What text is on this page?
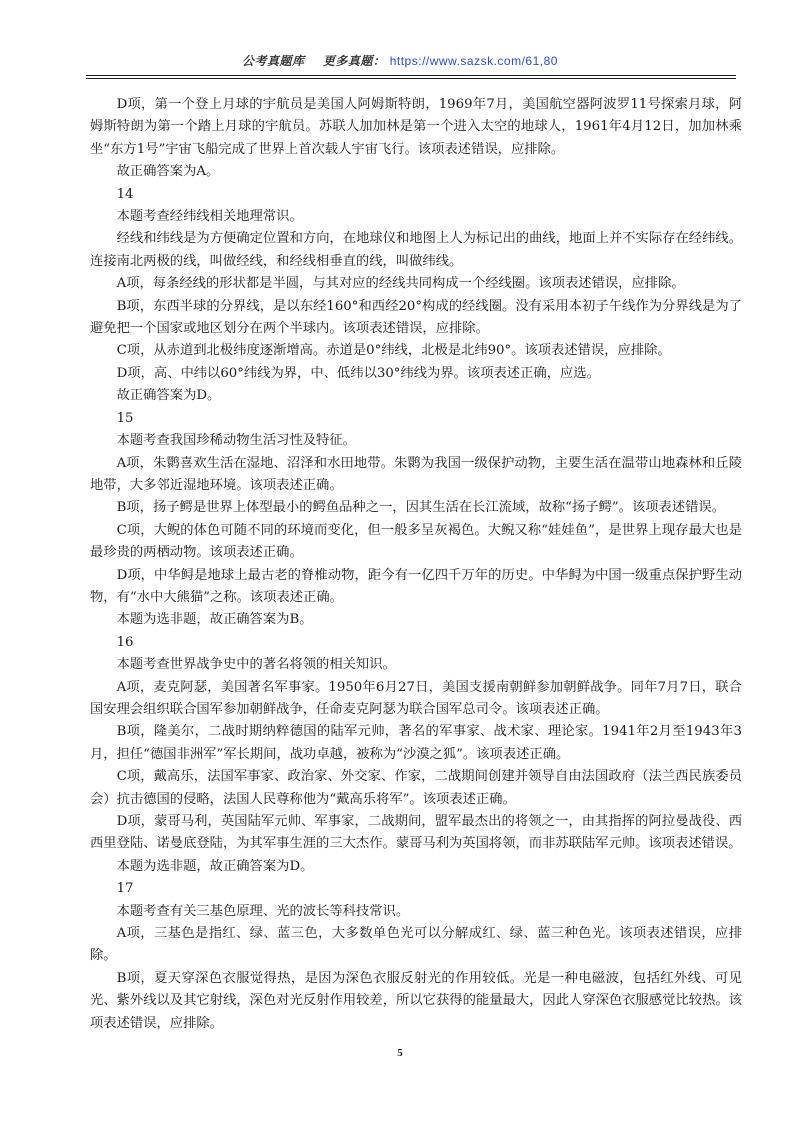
公考真题库 更多真题： https://www.sazsk.com/61,80

D项，第一个登上月球的宇航员是美国人阿姆斯特朗，1969年7月，美国航空器阿波罗11号探索月球，阿姆斯特朗为第一个踏上月球的宇航员。苏联人加加林是第一个进入太空的地球人，1961年4月12日，加加林乘坐“东方1号”宇宙飞船完成了世界上首次载人宇宙飞行。该项表述错误，应排除。

故正确答案为A。

14

本题考查经纬线相关地理常识。

经线和纬线是为方便确定位置和方向，在地球仪和地图上人为标记出的曲线，地面上并不实际存在经纬线。连接南北两极的线，叫做经线，和经线相垂直的线，叫做纬线。

A项，每条经线的形状都是半圆，与其对应的经线共同构成一个经线圈。该项表述错误，应排除。

B项，东西半球的分界线，是以东经160°和西经20°构成的经线圈。没有采用本初子午线作为分界线是为了避免把一个国家或地区划分在两个半球内。该项表述错误，应排除。

C项，从赤道到北极纬度逐渐增高。赤道是0°纬线，北极是北纬90°。该项表述错误，应排除。

D项，高、中纬以60°纬线为界，中、低纬以30°纬线为界。该项表述正确，应选。

故正确答案为D。

15

本题考查我国珍稀动物生活习性及特征。

A项，朱鹮喜欢生活在湿地、沼泽和水田地带。朱鹮为我国一级保护动物，主要生活在温带山地森林和丘陵地带，大多邻近湿地环境。该项表述正确。

B项，扬子鳄是世界上体型最小的鳄鱼品种之一，因其生活在长江流域，故称“扬子鳄”。该项表述错误。

C项，大鲵的体色可随不同的环境而变化，但一般多呈灰褐色。大鲵又称“娃娃鱼”，是世界上现存最大也是最珍贵的两栖动物。该项表述正确。

D项，中华鲟是地球上最古老的脊椎动物，距今有一亿四千万年的历史。中华鲟为中国一级重点保护野生动物，有“水中大熊猫”之称。该项表述正确。

本题为选非题，故正确答案为B。

16

本题考查世界战争史中的著名将领的相关知识。

A项，麦克阿瑟，美国著名军事家。1950年6月27日，美国支援南朝鲜参加朝鲜战争。同年7月7日，联合国安理会组织联合国军参加朝鲜战争，任命麦克阿瑟为联合国军总司令。该项表述正确。

B项，隆美尔，二战时期纳粹德国的陆军元帅，著名的军事家、战术家、理论家。1941年2月至1943年3月，担任“德国非洲军”军长期间，战功卓越，被称为“沙漠之狐”。该项表述正确。

C项，戴高乐，法国军事家、政治家、外交家、作家，二战期间创建并领导自由法国政府（法兰西民族委员会）抗击德国的侵略，法国人民尊称他为“戴高乐将军”。该项表述正确。

D项，蒙哥马利，英国陆军元帅、军事家，二战期间，盟军最杰出的将领之一，由其指挥的阿拉曼战役、西西里登陆、诺曼底登陆，为其军事生涯的三大杰作。蒙哥马利为英国将领，而非苏联陆军元帅。该项表述错误。

本题为选非题，故正确答案为D。

17

本题考查有关三基色原理、光的波长等科技常识。

A项，三基色是指红、绿、蓝三色，大多数单色光可以分解成红、绿、蓝三种色光。该项表述错误，应排除。

B项，夏天穿深色衣服觉得热，是因为深色衣服反射光的作用较低。光是一种电磁波，包括红外线、可见光、紫外线以及其它射线，深色对光反射作用较差，所以它获得的能量最大，因此人穿深色衣服感觉比较热。该项表述错误，应排除。

5
